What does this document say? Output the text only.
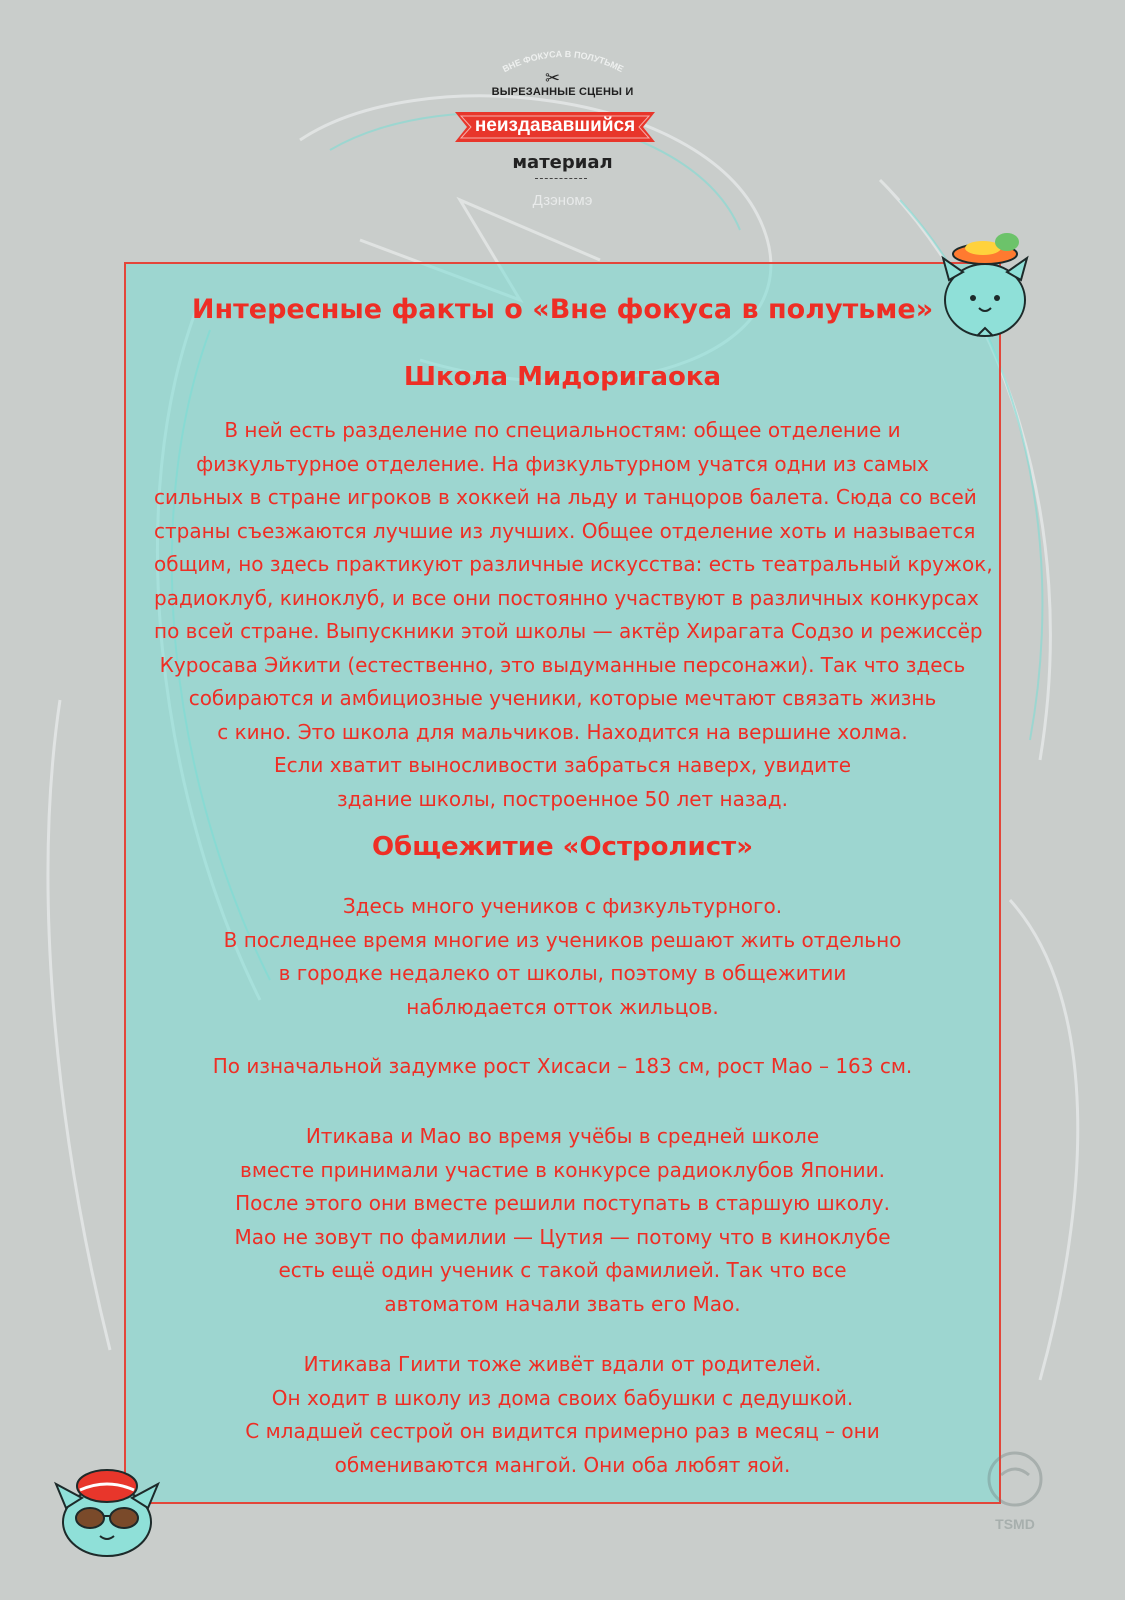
ВНЕ ФОКУСА В ПОЛУТЬМЕ
✂
ВЫРЕЗАННЫЕ СЦЕНЫ И
неиздававшийся
материал
Дзэномэ
Интересные факты о «Вне фокуса в полутьме»
Школа Мидоригаока
В ней есть разделение по специальностям: общее отделение и
физкультурное отделение. На физкультурном учатся одни из самых
сильных в стране игроков в хоккей на льду и танцоров балета. Сюда со всей
страны съезжаются лучшие из лучших. Общее отделение хоть и называется
общим, но здесь практикуют различные искусства: есть театральный кружок,
радиоклуб, киноклуб, и все они постоянно участвуют в различных конкурсах
по всей стране. Выпускники этой школы — актёр Хирагата Содзо и режиссёр
Куросава Эйкити (естественно, это выдуманные персонажи). Так что здесь
собираются и амбициозные ученики, которые мечтают связать жизнь
с кино. Это школа для мальчиков. Находится на вершине холма.
Если хватит выносливости забраться наверх, увидите
здание школы, построенное 50 лет назад.
Общежитие «Остролист»
Здесь много учеников с физкультурного.
В последнее время многие из учеников решают жить отдельно
в городке недалеко от школы, поэтому в общежитии
наблюдается отток жильцов.
По изначальной задумке рост Хисаси – 183 см, рост Мао – 163 см.
Итикава и Мао во время учёбы в средней школе
вместе принимали участие в конкурсе радиоклубов Японии.
После этого они вместе решили поступать в старшую школу.
Мао не зовут по фамилии — Цутия — потому что в киноклубе
есть ещё один ученик с такой фамилией. Так что все
автоматом начали звать его Мао.
Итикава Гиити тоже живёт вдали от родителей.
Он ходит в школу из дома своих бабушки с дедушкой.
С младшей сестрой он видится примерно раз в месяц – они
обмениваются мангой. Они оба любят яой.
TSMD
